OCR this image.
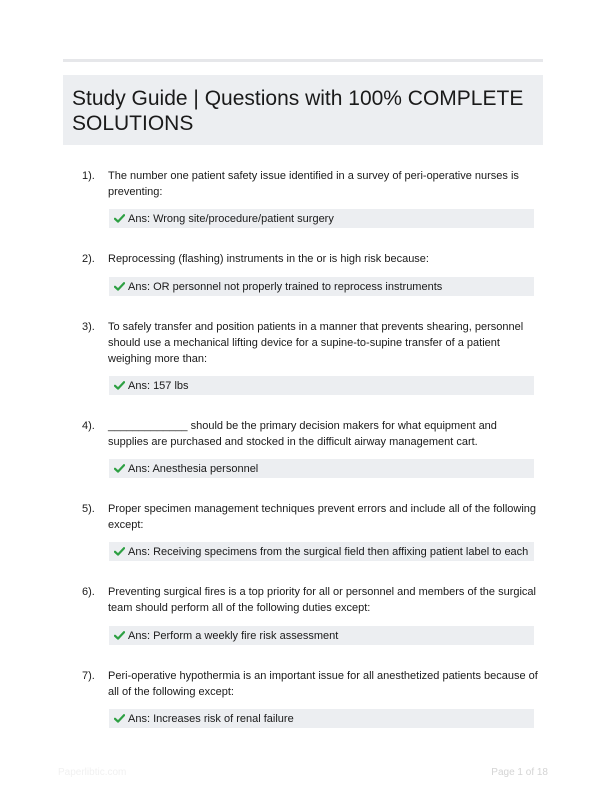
Study Guide | Questions with 100% COMPLETE SOLUTIONS
1). The number one patient safety issue identified in a survey of peri-operative nurses is preventing:
Ans: Wrong site/procedure/patient surgery
2). Reprocessing (flashing) instruments in the or is high risk because:
Ans: OR personnel not properly trained to reprocess instruments
3). To safely transfer and position patients in a manner that prevents shearing, personnel should use a mechanical lifting device for a supine-to-supine transfer of a patient weighing more than:
Ans: 157 lbs
4). _____________ should be the primary decision makers for what equipment and supplies are purchased and stocked in the difficult airway management cart.
Ans: Anesthesia personnel
5). Proper specimen management techniques prevent errors and include all of the following except:
Ans: Receiving specimens from the surgical field then affixing patient label to each
6). Preventing surgical fires is a top priority for all or personnel and members of the surgical team should perform all of the following duties except:
Ans: Perform a weekly fire risk assessment
7). Peri-operative hypothermia is an important issue for all anesthetized patients because of all of the following except:
Ans: Increases risk of renal failure
Paperlibtic.com	Page 1 of 18
